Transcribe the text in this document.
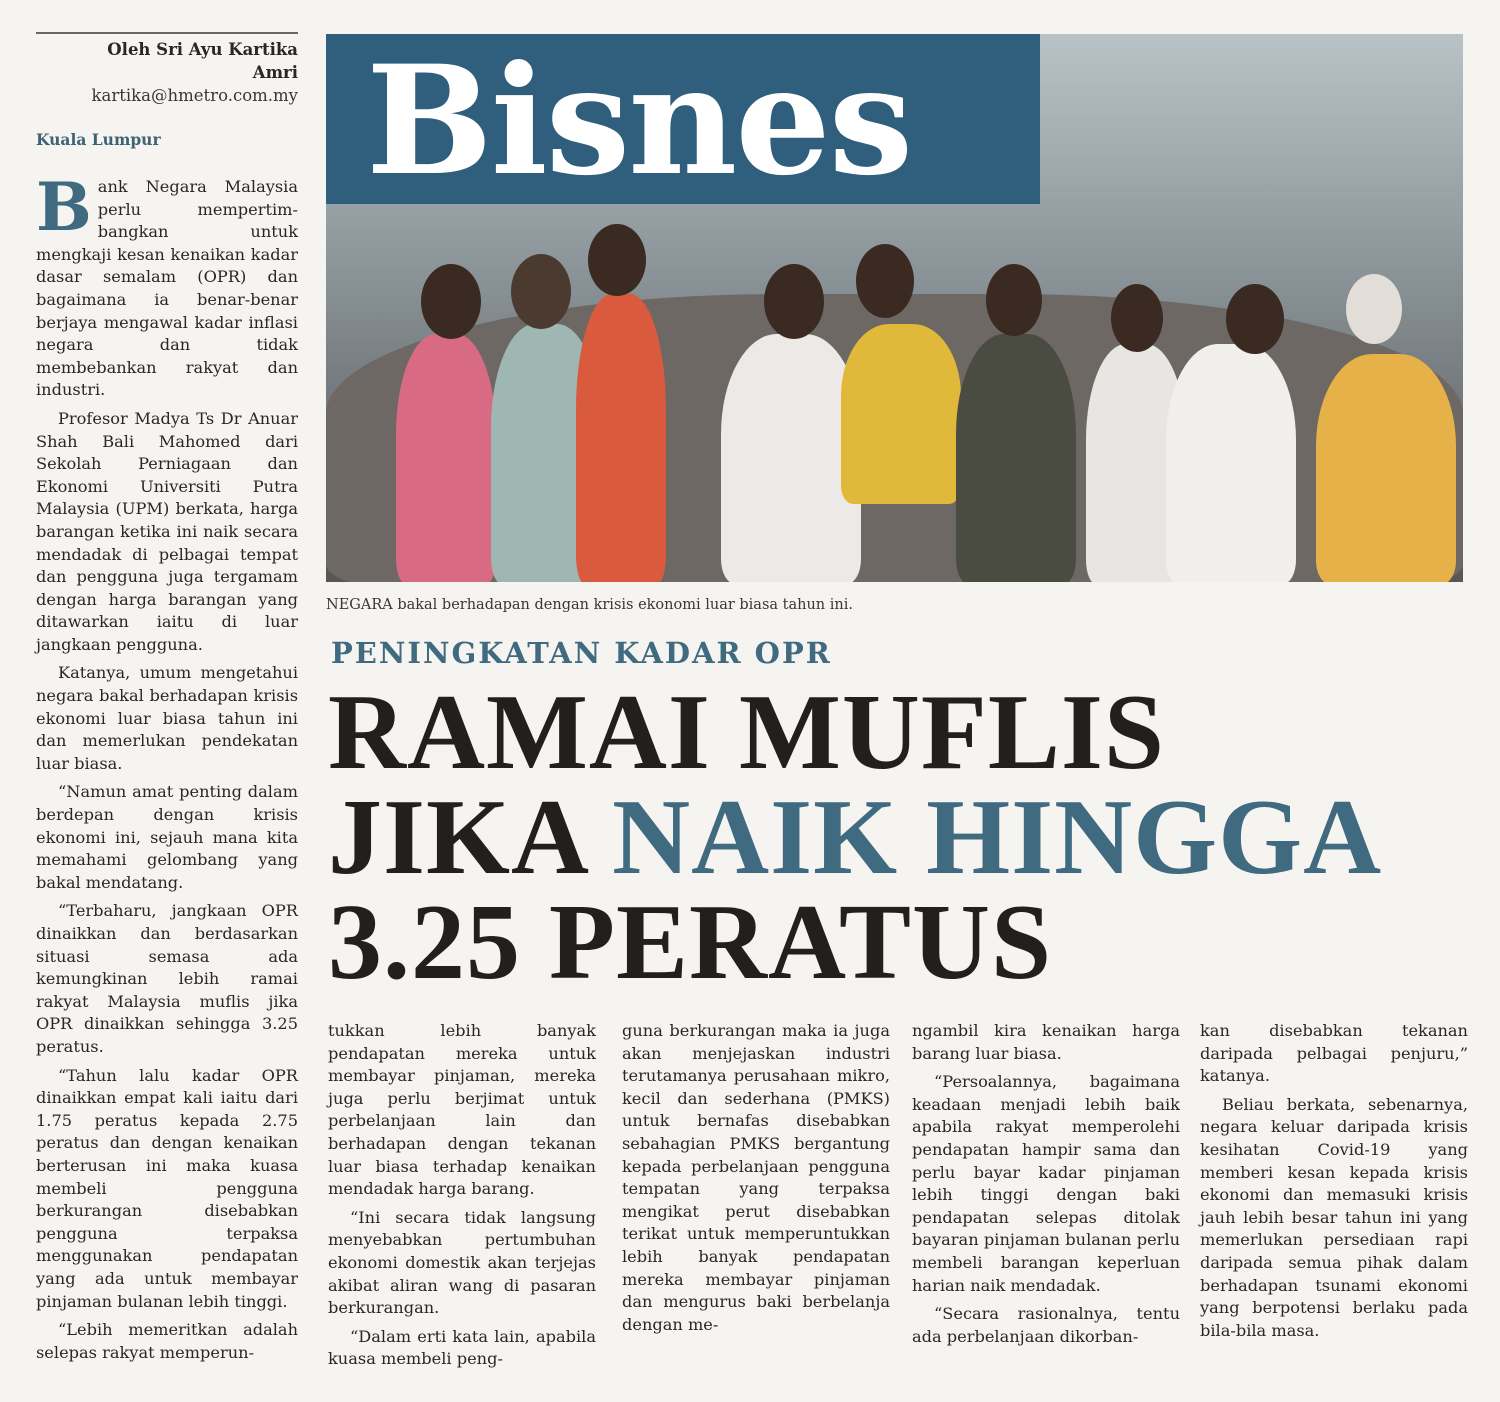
Oleh Sri Ayu Kartika
Amri
kartika@hmetro.com.my
Kuala Lumpur

Bank Negara Malaysia perlu mempertimbangkan untuk mengkaji kesan kenaikan kadar dasar semalam (OPR) dan bagaimana ia benar-benar berjaya mengawal kadar inflasi negara dan tidak membebankan rakyat dan industri.

Profesor Madya Ts Dr Anuar Shah Bali Mahomed dari Sekolah Perniagaan dan Ekonomi Universiti Putra Malaysia (UPM) berkata, harga barangan ketika ini naik secara mendadak di pelbagai tempat dan pengguna juga tergamam dengan harga barangan yang ditawarkan iaitu di luar jangkaan pengguna.

Katanya, umum mengetahui negara bakal berhadapan krisis ekonomi luar biasa tahun ini dan memerlukan pendekatan luar biasa.

“Namun amat penting dalam berdepan dengan krisis ekonomi ini, sejauh mana kita memahami gelombang yang bakal mendatang.

“Terbaharu, jangkaan OPR dinaikkan dan berdasarkan situasi semasa ada kemungkinan lebih ramai rakyat Malaysia muflis jika OPR dinaikkan sehingga 3.25 peratus.

“Tahun lalu kadar OPR dinaikkan empat kali iaitu dari 1.75 peratus kepada 2.75 peratus dan dengan kenaikan berterusan ini maka kuasa membeli pengguna berkurangan disebabkan pengguna terpaksa menggunakan pendapatan yang ada untuk membayar pinjaman bulanan lebih tinggi.

“Lebih memeritkan adalah selepas rakyat memperun-

Bisnes
NEGARA bakal berhadapan dengan krisis ekonomi luar biasa tahun ini.
PENINGKATAN KADAR OPR
RAMAI MUFLIS
JIKA NAIK HINGGA
3.25 PERATUS

tukkan lebih banyak pendapatan mereka untuk membayar pinjaman, mereka juga perlu berjimat untuk perbelanjaan lain dan berhadapan dengan tekanan luar biasa terhadap kenaikan mendadak harga barang.

“Ini secara tidak langsung menyebabkan pertumbuhan ekonomi domestik akan terjejas akibat aliran wang di pasaran berkurangan.

“Dalam erti kata lain, apabila kuasa membeli peng-

guna berkurangan maka ia juga akan menjejaskan industri terutamanya perusahaan mikro, kecil dan sederhana (PMKS) untuk bernafas disebabkan sebahagian PMKS bergantung kepada perbelanjaan pengguna tempatan yang terpaksa mengikat perut disebabkan terikat untuk memperuntukkan lebih banyak pendapatan mereka membayar pinjaman dan mengurus baki berbelanja dengan me-

ngambil kira kenaikan harga barang luar biasa.

“Persoalannya, bagaimana keadaan menjadi lebih baik apabila rakyat memperolehi pendapatan hampir sama dan perlu bayar kadar pinjaman lebih tinggi dengan baki pendapatan selepas ditolak bayaran pinjaman bulanan perlu membeli barangan keperluan harian naik mendadak.

“Secara rasionalnya, tentu ada perbelanjaan dikorban-

kan disebabkan tekanan daripada pelbagai penjuru,” katanya.

Beliau berkata, sebenarnya, negara keluar daripada krisis kesihatan Covid-19 yang memberi kesan kepada krisis ekonomi dan memasuki krisis jauh lebih besar tahun ini yang memerlukan persediaan rapi daripada semua pihak dalam berhadapan tsunami ekonomi yang berpotensi berlaku pada bila-bila masa.
